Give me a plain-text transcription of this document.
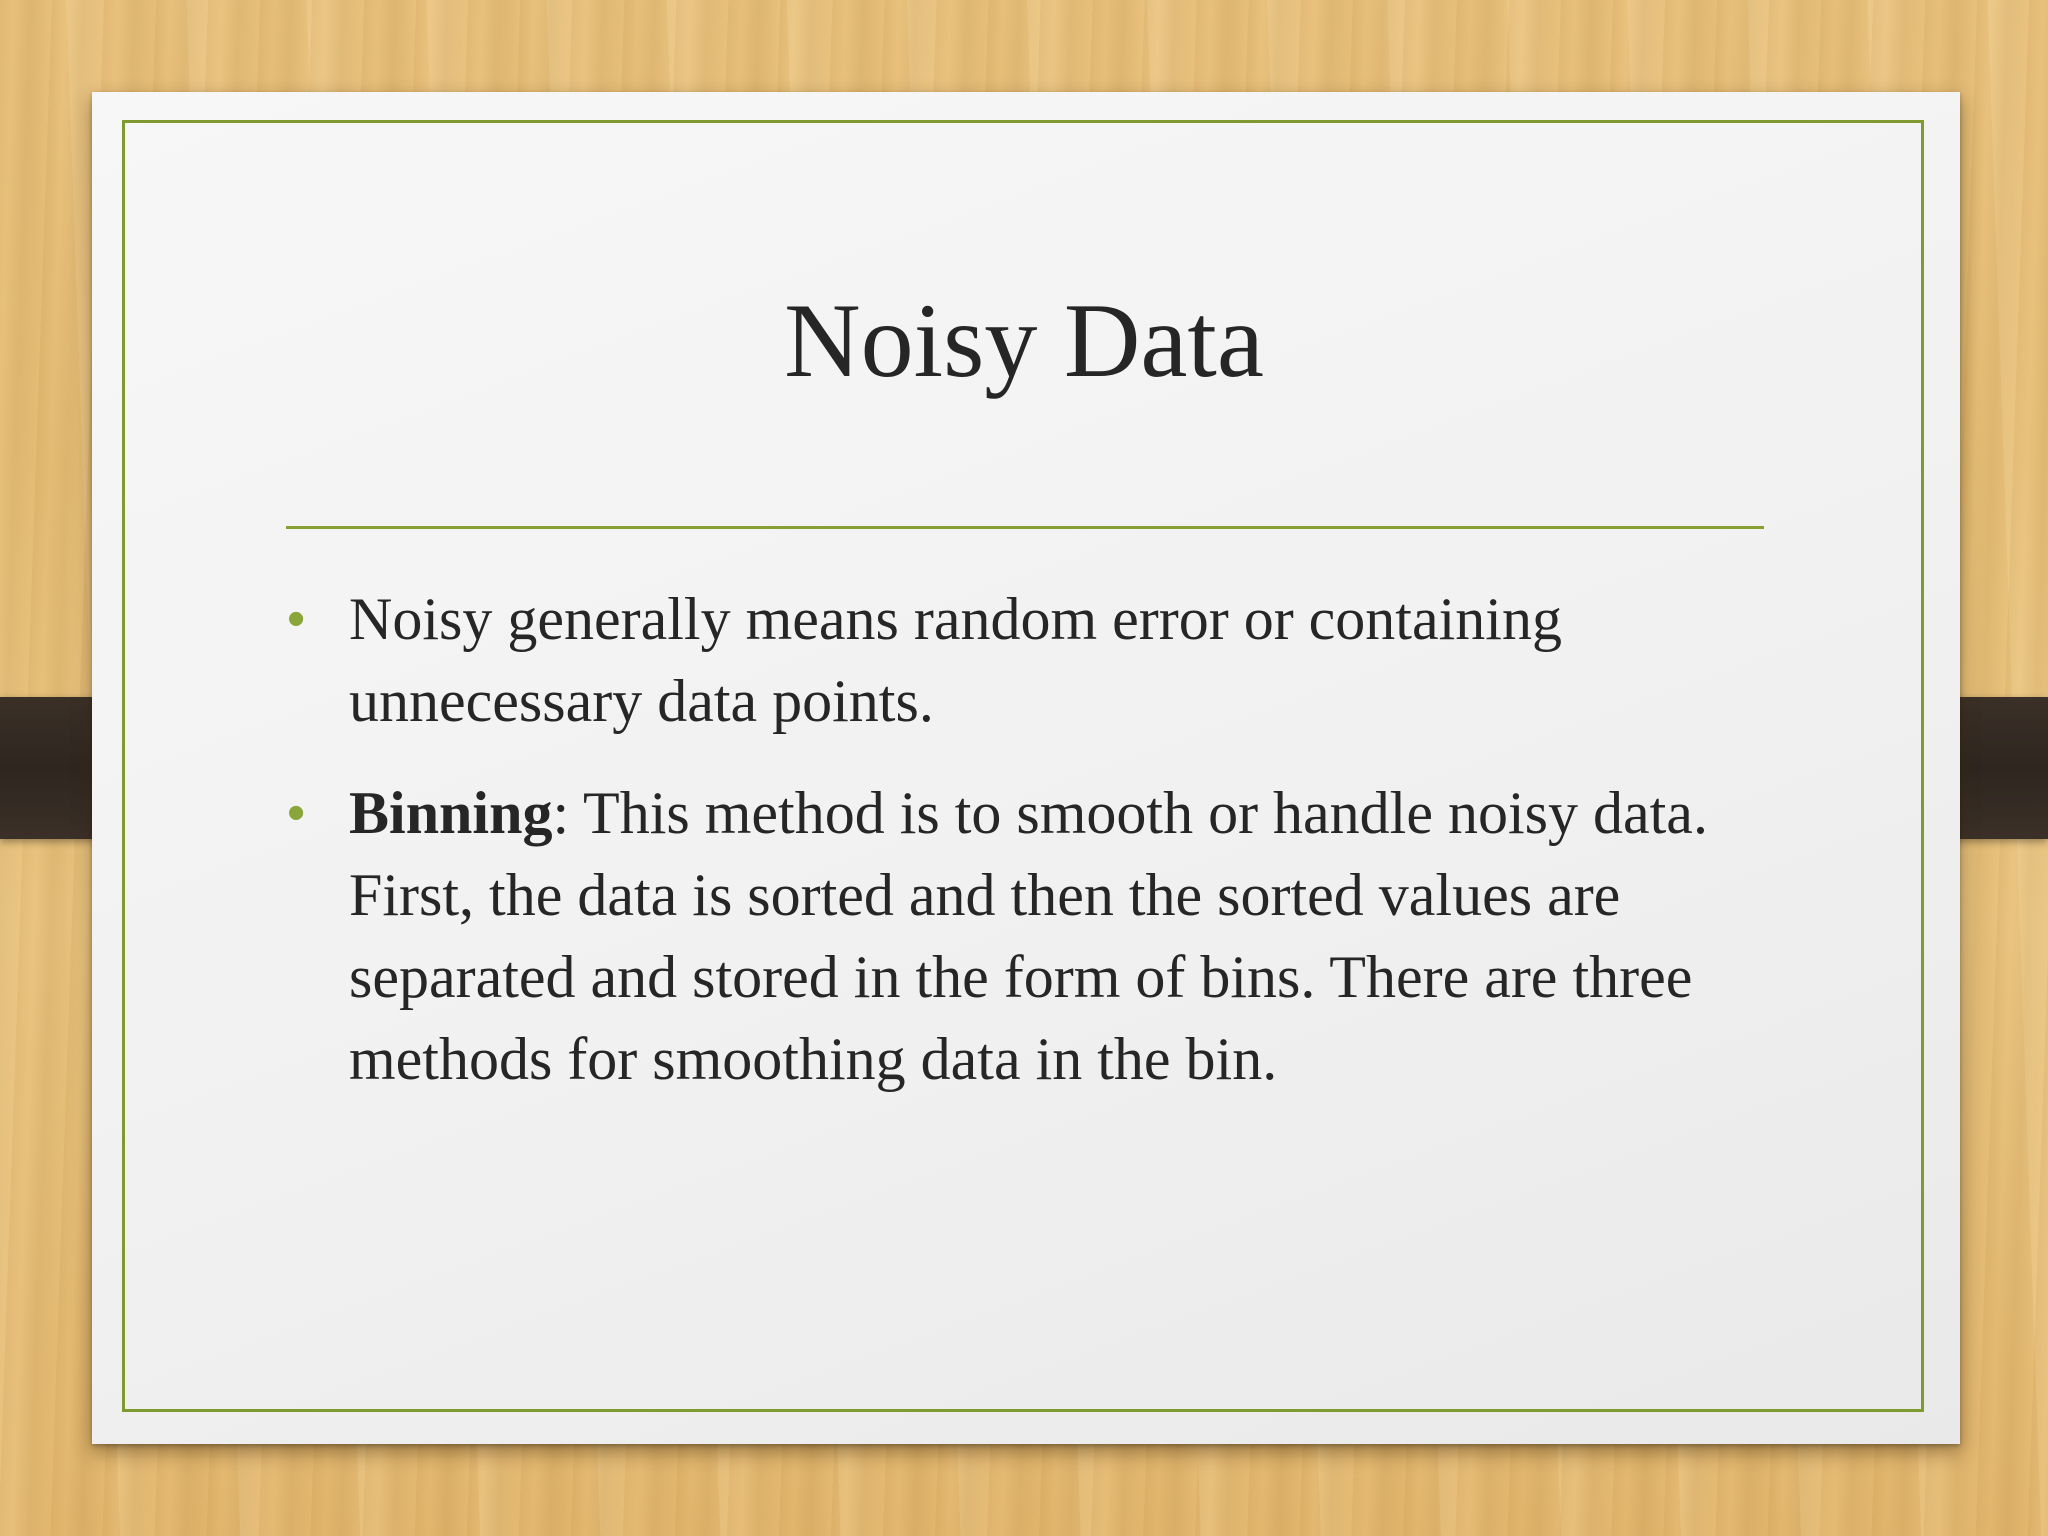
Noisy Data
• Noisy generally means random error or containing unnecessary data points.
• Binning: This method is to smooth or handle noisy data. First, the data is sorted and then the sorted values are separated and stored in the form of bins. There are three methods for smoothing data in the bin.
